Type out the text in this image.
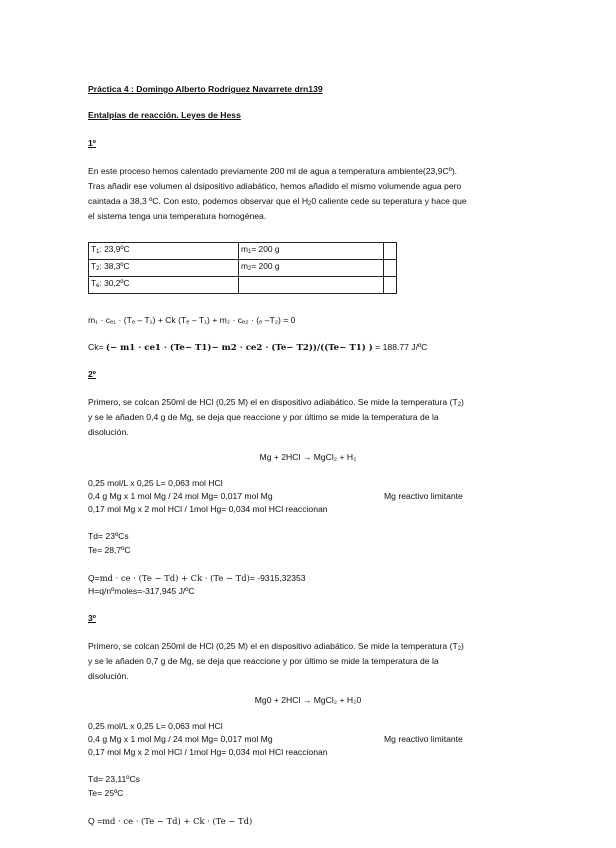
Práctica 4 : Domingo Alberto Rodríguez Navarrete drn139
Entalpías de reacción. Leyes de Hess
1º
En este proceso hemos calentado previamente 200 ml de agua a temperatura ambiente(23,9Cº).
Tras añadir ese volumen al dsipositivo adiabático, hemos añadido el mismo volumende agua pero
caintada a 38,3 ºC. Con esto, podemos observar que el $H_20$ caliente cede su teperatura y hace que
el sistema tenga una temperatura homogénea.
$T_1$: 23,9ºC	$m_1= 200$ g	
$T_2$: 38,3ºC	$m_2= 200$ g	
$T_e$: 30,2ºC		
m₁ · cₑ₁ · (Tₑ – T₁) + Ck (Tₑ – T₁) + m₂ · cₑ₂ · (ₑ –T₂) = 0
Ck= (− m1 · ce1 · (Te− T1)− m2 · ce2 · (Te− T2))/((Te− T1) ) = 188.77 J/ºC
2º
Primero, se colcan 250ml de HCl (0,25 M) el en dispositivo adiabático. Se mide la temperatura $(T_2)$
y se le añaden 0,4 g de Mg, se deja que reaccione y por último se mide la temperatura de la
disolución.
Mg + 2HCl → MgCl₂ + H₂
0,25 mol/L x 0,25 L= 0,063 mol HCl
0,4 g Mg x 1 mol Mg / 24 mol Mg= 0,017 mol Mg	Mg reactivo limitante
0,17 mol Mg x 2 mol HCl / 1mol Hg= 0,034 mol HCl reaccionan
Td= 23ºCs
Te= 28,7ºC
Q=md · ce · (Te − Td) + Ck · (Te − Td)= -9315,32353
H=q/nºmoles=-317,945 J/ºC
3º
Primero, se colcan 250ml de HCl (0,25 M) el en dispositivo adiabático. Se mide la temperatura $(T_2)$
y se le añaden 0,7 g de Mg, se deja que reaccione y por último se mide la temperatura de la
disolución.
Mg0 + 2HCl → MgCl₂ + H₂0
0,25 mol/L x 0,25 L= 0,063 mol HCl
0,4 g Mg x 1 mol Mg / 24 mol Mg= 0,017 mol Mg	Mg reactivo limitante
0,17 mol Mg x 2 mol HCl / 1mol Hg= 0,034 mol HCl reaccionan
Td= 23,11ºCs
Te= 25ºC
Q =md · ce · (Te − Td) + Ck · (Te − Td)
